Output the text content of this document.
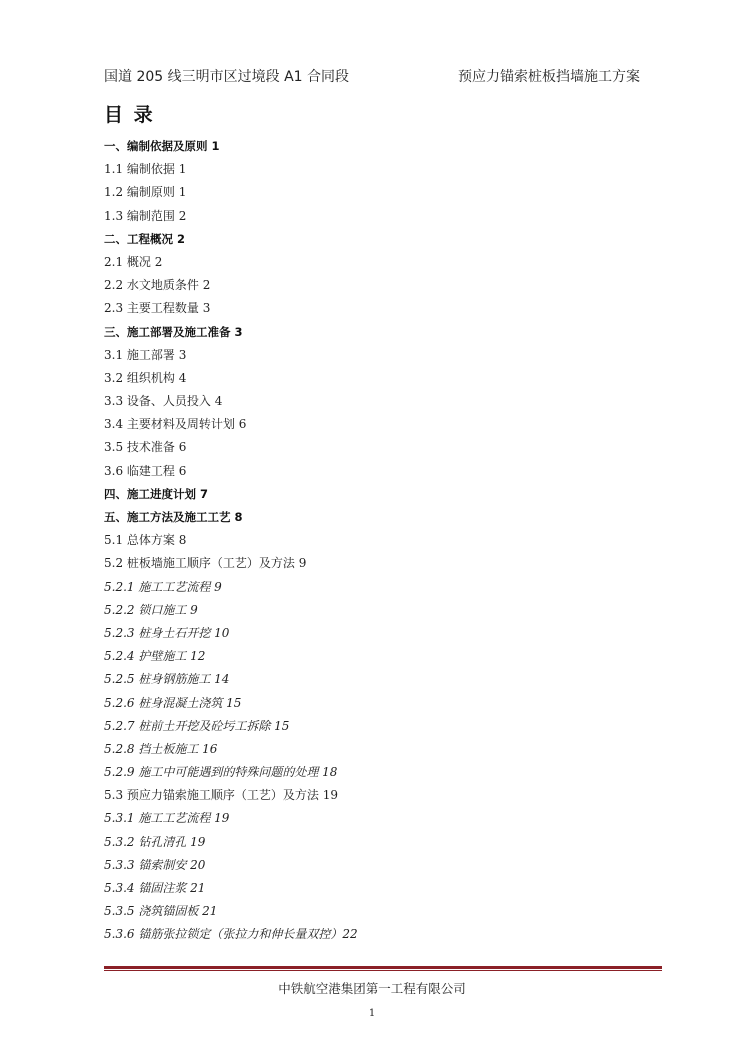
国道 205 线三明市区过境段 A1 合同段	预应力锚索桩板挡墙施工方案
目 录
一、编制依据及原则 1
1.1 编制依据 1
1.2 编制原则 1
1.3 编制范围 2
二、工程概况 2
2.1 概况 2
2.2 水文地质条件 2
2.3 主要工程数量 3
三、施工部署及施工准备 3
3.1 施工部署 3
3.2 组织机构 4
3.3 设备、人员投入 4
3.4 主要材料及周转计划 6
3.5 技术准备 6
3.6 临建工程 6
四、施工进度计划 7
五、施工方法及施工工艺 8
5.1 总体方案 8
5.2 桩板墙施工顺序（工艺）及方法 9
5.2.1 施工工艺流程 9
5.2.2 锁口施工 9
5.2.3 桩身土石开挖 10
5.2.4 护壁施工 12
5.2.5 桩身钢筋施工 14
5.2.6 桩身混凝土浇筑 15
5.2.7 桩前土开挖及砼圬工拆除 15
5.2.8 挡土板施工 16
5.2.9 施工中可能遇到的特殊问题的处理 18
5.3 预应力锚索施工顺序（工艺）及方法 19
5.3.1 施工工艺流程 19
5.3.2 钻孔清孔 19
5.3.3 锚索制安 20
5.3.4 锚固注浆 21
5.3.5 浇筑锚固板 21
5.3.6 锚筋张拉锁定（张拉力和伸长量双控）22
中铁航空港集团第一工程有限公司
1
